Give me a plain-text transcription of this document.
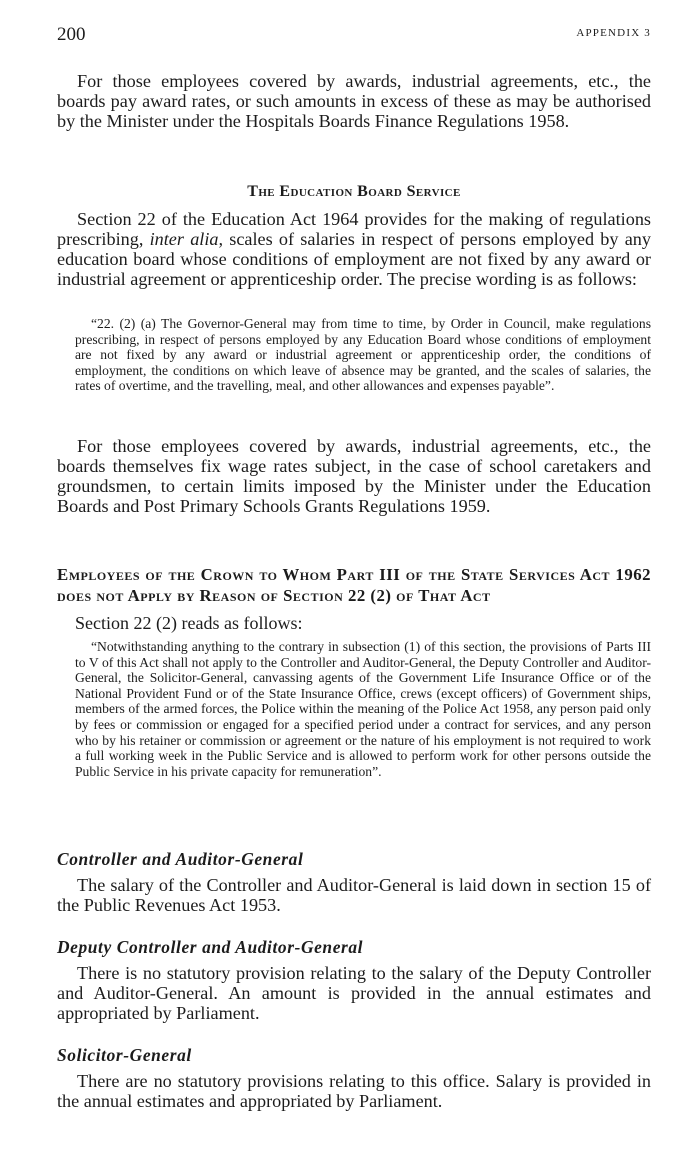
200	APPENDIX 3

For those employees covered by awards, industrial agreements, etc., the boards pay award rates, or such amounts in excess of these as may be authorised by the Minister under the Hospitals Boards Finance Regulations 1958.

The Education Board Service

Section 22 of the Education Act 1964 provides for the making of regulations prescribing, inter alia, scales of salaries in respect of persons employed by any education board whose conditions of employment are not fixed by any award or industrial agreement or apprenticeship order. The precise wording is as follows:

“22. (2) (a) The Governor-General may from time to time, by Order in Council, make regulations prescribing, in respect of persons employed by any Education Board whose conditions of employment are not fixed by any award or industrial agreement or apprenticeship order, the conditions of employment, the conditions on which leave of absence may be granted, and the scales of salaries, the rates of overtime, and the travelling, meal, and other allowances and expenses payable”.

For those employees covered by awards, industrial agreements, etc., the boards themselves fix wage rates subject, in the case of school caretakers and groundsmen, to certain limits imposed by the Minister under the Education Boards and Post Primary Schools Grants Regulations 1959.

Employees of the Crown to Whom Part III of the State Services Act 1962 does not Apply by Reason of Section 22 (2) of That Act

Section 22 (2) reads as follows:

“Notwithstanding anything to the contrary in subsection (1) of this section, the provisions of Parts III to V of this Act shall not apply to the Controller and Auditor-General, the Deputy Controller and Auditor-General, the Solicitor-General, canvassing agents of the Government Life Insurance Office or of the National Provident Fund or of the State Insurance Office, crews (except officers) of Government ships, members of the armed forces, the Police within the meaning of the Police Act 1958, any person paid only by fees or commission or engaged for a specified period under a contract for services, and any person who by his retainer or commission or agreement or the nature of his employment is not required to work a full working week in the Public Service and is allowed to perform work for other persons outside the Public Service in his private capacity for remuneration”.

Controller and Auditor-General

The salary of the Controller and Auditor-General is laid down in section 15 of the Public Revenues Act 1953.

Deputy Controller and Auditor-General

There is no statutory provision relating to the salary of the Deputy Controller and Auditor-General. An amount is provided in the annual estimates and appropriated by Parliament.

Solicitor-General

There are no statutory provisions relating to this office. Salary is provided in the annual estimates and appropriated by Parliament.
